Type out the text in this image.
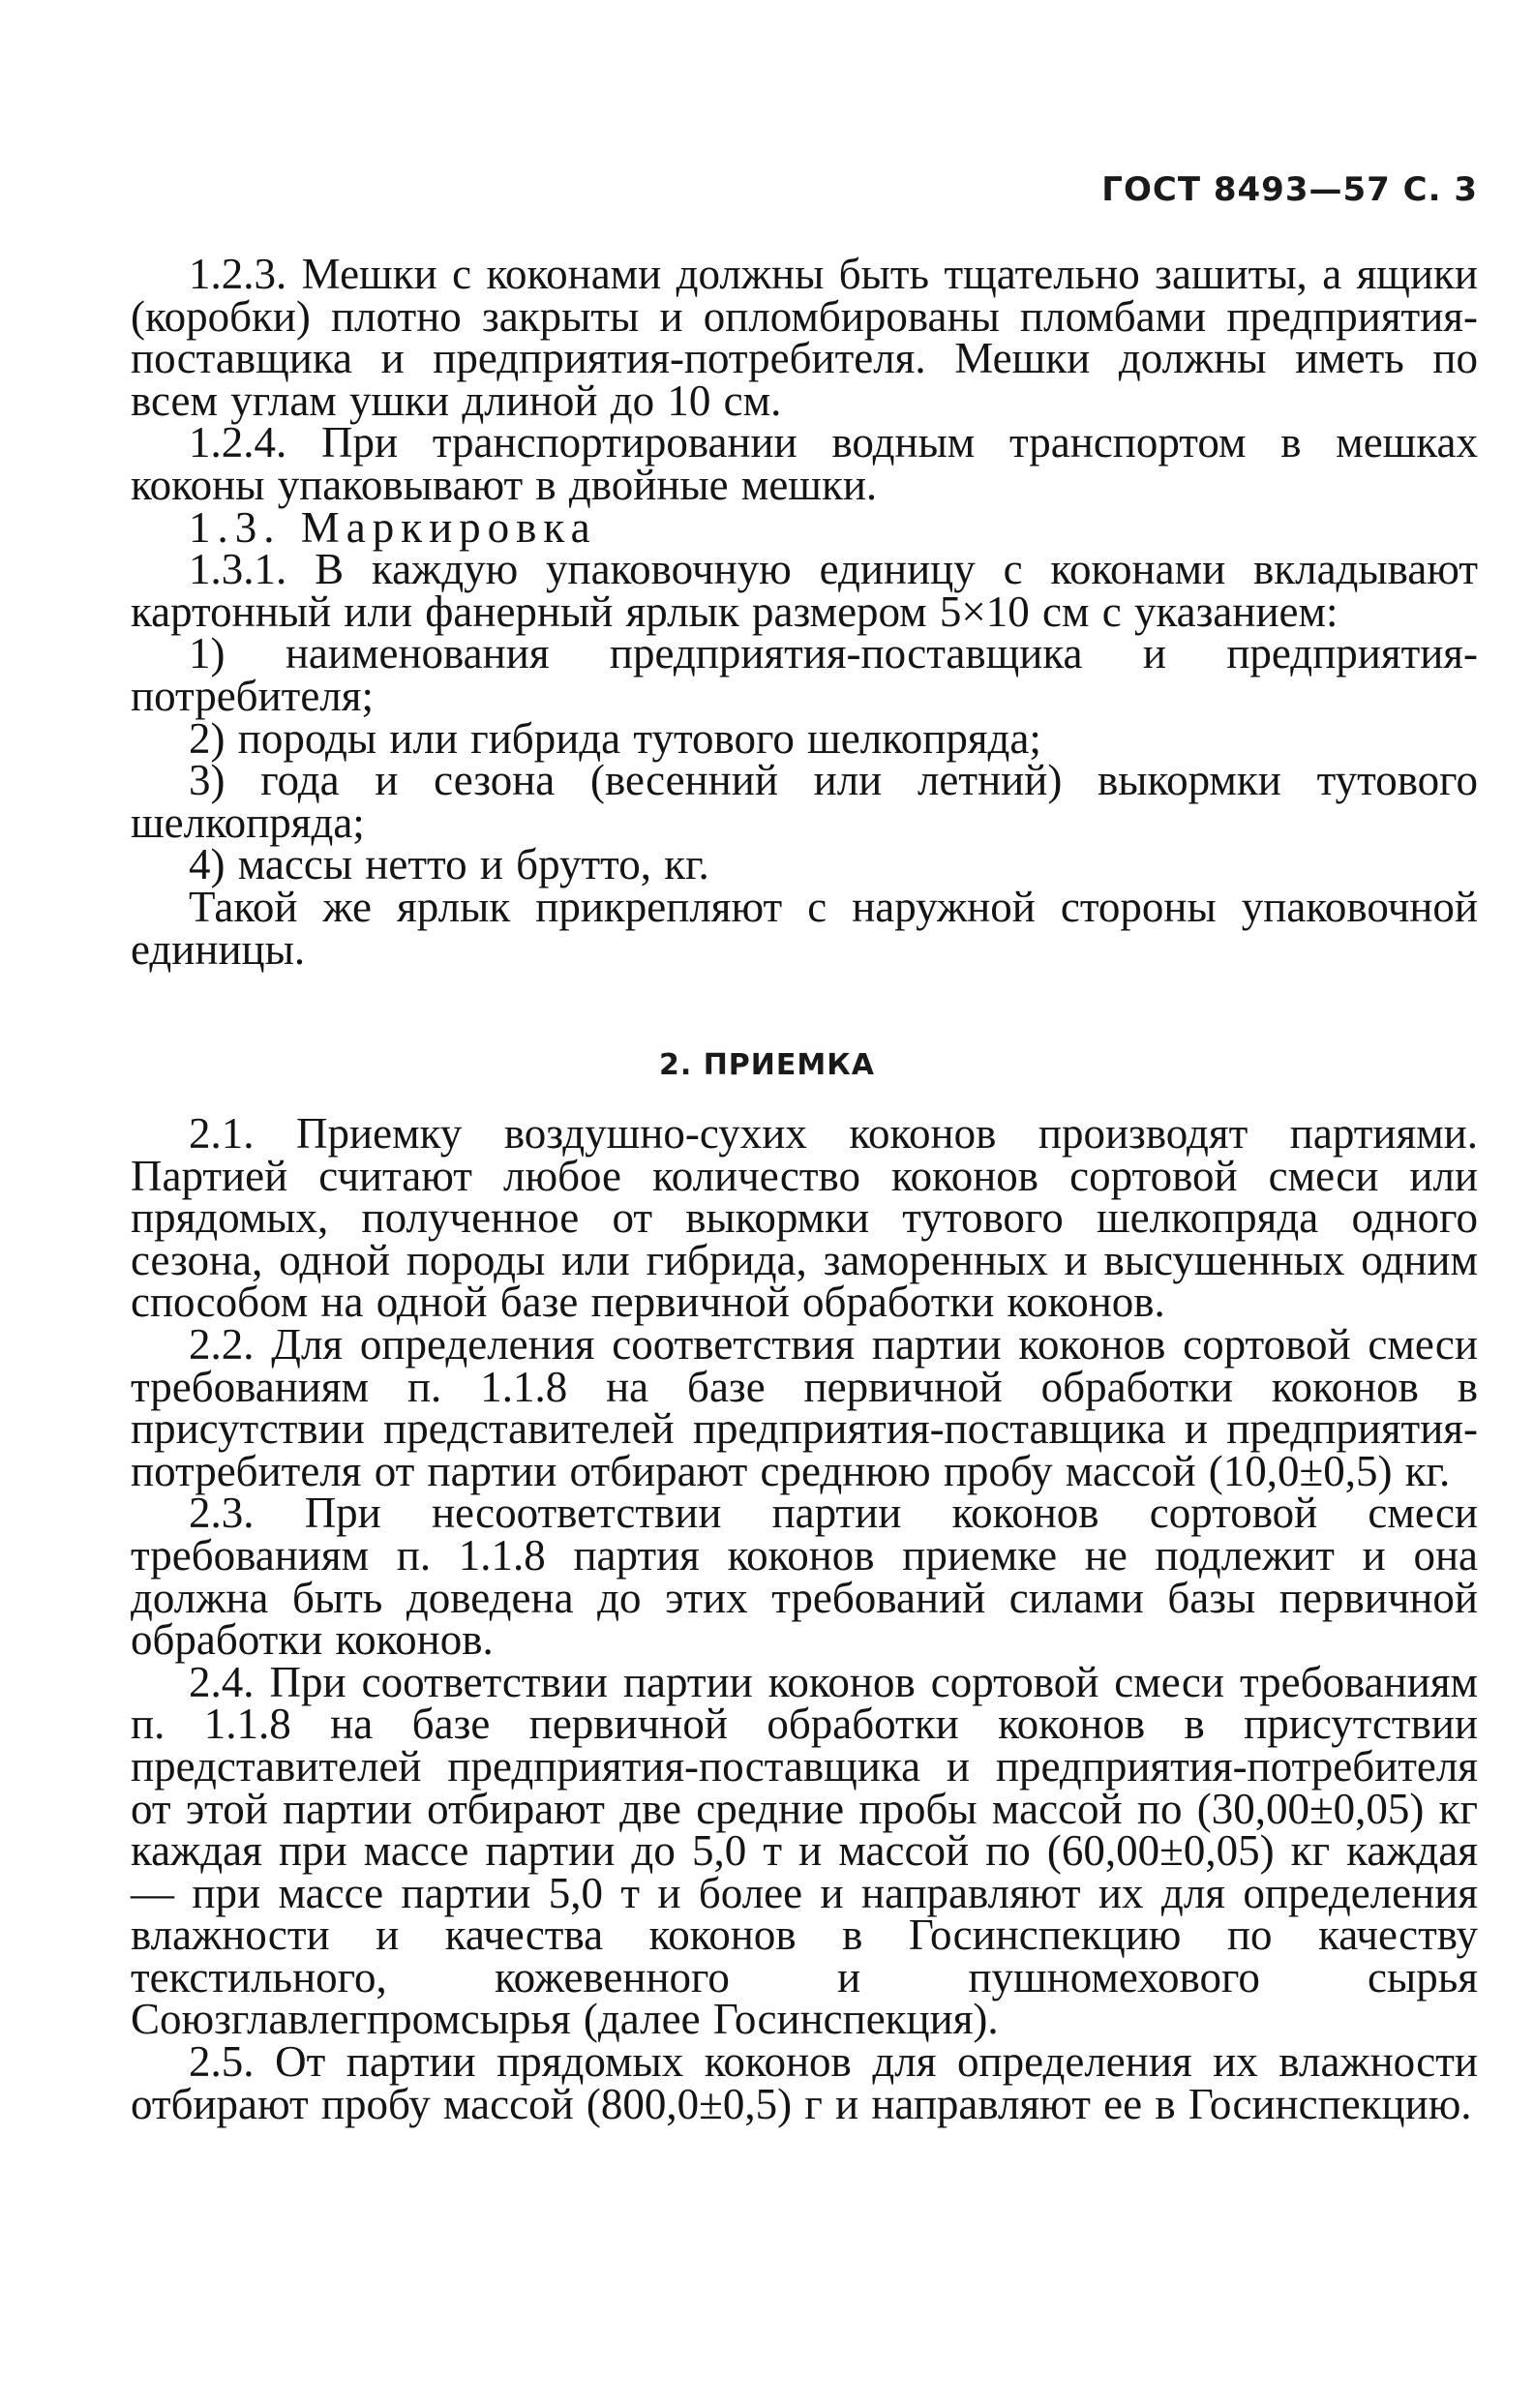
ГОСТ 8493—57 С. 3

1.2.3. Мешки с коконами должны быть тщательно зашиты, а ящики (коробки) плотно закрыты и опломбированы пломбами предприятия-поставщика и предприятия-потребителя. Мешки должны иметь по всем углам ушки длиной до 10 см.

1.2.4. При транспортировании водным транспортом в мешках коконы упаковывают в двойные мешки.

1.3. Маркировка

1.3.1. В каждую упаковочную единицу с коконами вкладывают картонный или фанерный ярлык размером 5×10 см с указанием:

1) наименования предприятия-поставщика и предприятия-потребителя;

2) породы или гибрида тутового шелкопряда;

3) года и сезона (весенний или летний) выкормки тутового шелкопряда;

4) массы нетто и брутто, кг.

Такой же ярлык прикрепляют с наружной стороны упаковочной единицы.

2. ПРИЕМКА

2.1. Приемку воздушно-сухих коконов производят партиями. Партией считают любое количество коконов сортовой смеси или прядомых, полученное от выкормки тутового шелкопряда одного сезона, одной породы или гибрида, заморенных и высушенных одним способом на одной базе первичной обработки коконов.

2.2. Для определения соответствия партии коконов сортовой смеси требованиям п. 1.1.8 на базе первичной обработки коконов в присутствии представителей предприятия-поставщика и предприятия-потребителя от партии отбирают среднюю пробу массой (10,0±0,5) кг.

2.3. При несоответствии партии коконов сортовой смеси требованиям п. 1.1.8 партия коконов приемке не подлежит и она должна быть доведена до этих требований силами базы первичной обработки коконов.

2.4. При соответствии партии коконов сортовой смеси требованиям п. 1.1.8 на базе первичной обработки коконов в присутствии представителей предприятия-поставщика и предприятия-потребителя от этой партии отбирают две средние пробы массой по (30,00±0,05) кг каждая при массе партии до 5,0 т и массой по (60,00±0,05) кг каждая — при массе партии 5,0 т и более и направляют их для определения влажности и качества коконов в Госинспекцию по качеству текстильного, кожевенного и пушномехового сырья Союзглавлегпромсырья (далее Госинспекция).

2.5. От партии прядомых коконов для определения их влажности отбирают пробу массой (800,0±0,5) г и направляют ее в Госинспекцию.
